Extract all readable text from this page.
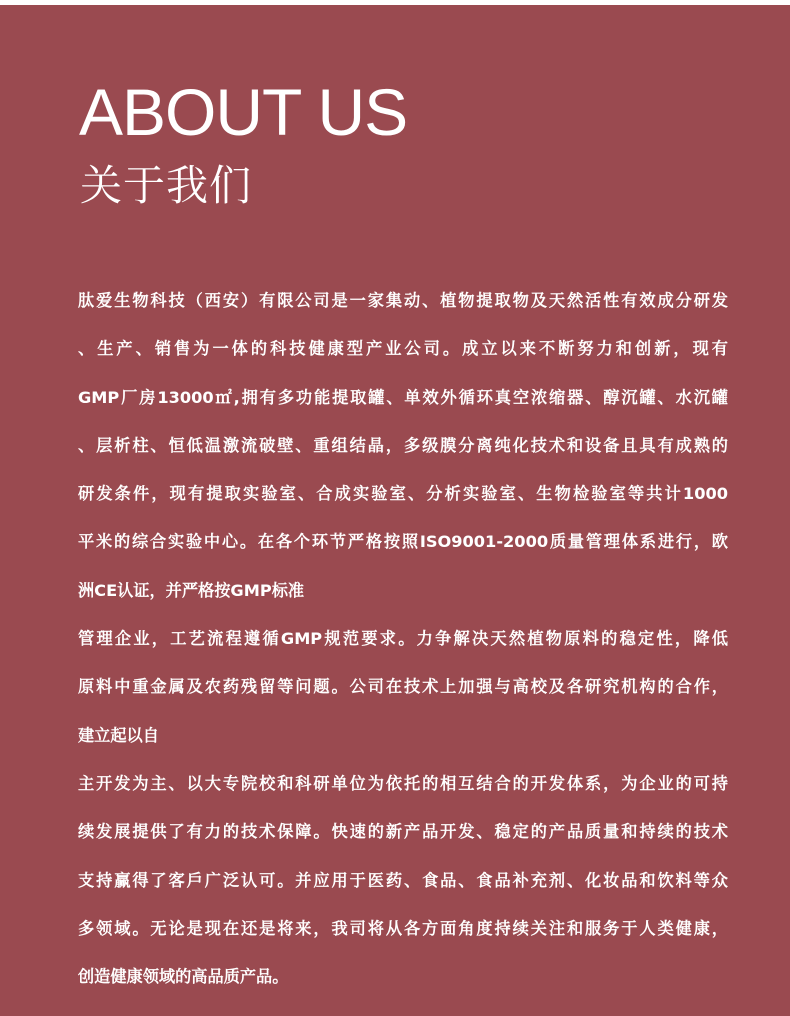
ABOUT US
关于我们
肽爱生物科技（西安）有限公司是一家集动、植物提取物及天然活性有效成分研发
、生产、销售为一体的科技健康型产业公司。成立以来不断努力和创新，现有
GMP厂房13000㎡,拥有多功能提取罐、单效外循环真空浓缩器、醇沉罐、水沉罐
、层析柱、恒低温激流破壁、重组结晶，多级膜分离纯化技术和设备且具有成熟的
研发条件，现有提取实验室、合成实验室、分析实验室、生物检验室等共计1000
平米的综合实验中心。在各个环节严格按照ISO9001-2000质量管理体系进行，欧
洲CE认证，并严格按GMP标准
管理企业，工艺流程遵循GMP规范要求。力争解决天然植物原料的稳定性，降低
原料中重金属及农药残留等问题。公司在技术上加强与高校及各研究机构的合作，
建立起以自
主开发为主、以大专院校和科研单位为依托的相互结合的开发体系，为企业的可持
续发展提供了有力的技术保障。快速的新产品开发、稳定的产品质量和持续的技术
支持赢得了客戶广泛认可。并应用于医药、食品、食品补充剂、化妆品和饮料等众
多领域。无论是现在还是将来，我司将从各方面角度持续关注和服务于人类健康，
创造健康领域的高品质产品。
